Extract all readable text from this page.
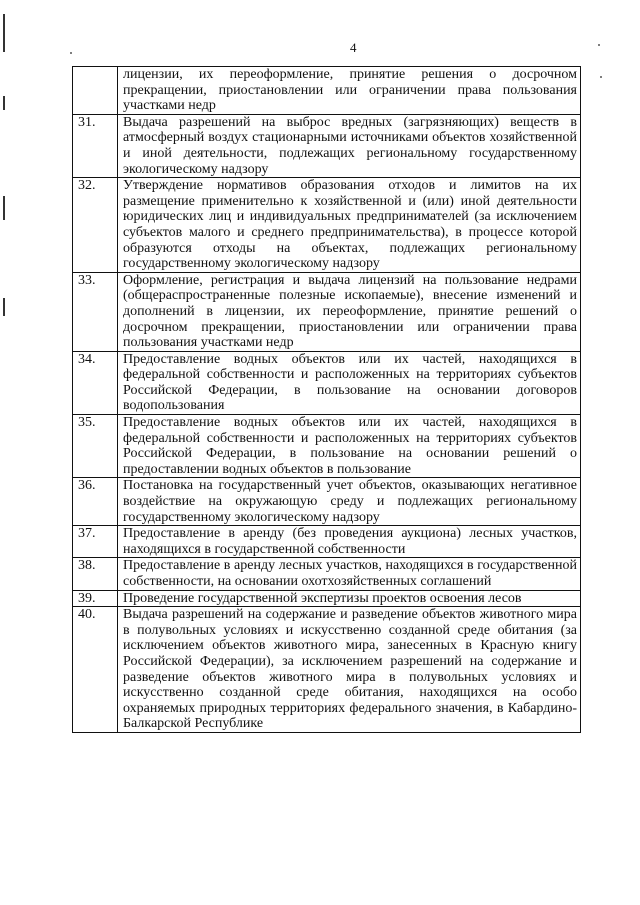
4
	лицензии, их переоформление, принятие решения о досрочном прекращении, приостановлении или ограничении права пользования участками недр
31.	Выдача разрешений на выброс вредных (загрязняющих) веществ в атмосферный воздух стационарными источниками объектов хозяйственной и иной деятельности, подлежащих региональному государственному экологическому надзору
32.	Утверждение нормативов образования отходов и лимитов на их размещение применительно к хозяйственной и (или) иной деятельности юридических лиц и индивидуальных предпринимателей (за исключением субъектов малого и среднего предпринимательства), в процессе которой образуются отходы на объектах, подлежащих региональному государственному экологическому надзору
33.	Оформление, регистрация и выдача лицензий на пользование недрами (общераспространенные полезные ископаемые), внесение изменений и дополнений в лицензии, их переоформление, принятие решений о досрочном прекращении, приостановлении или ограничении права пользования участками недр
34.	Предоставление водных объектов или их частей, находящихся в федеральной собственности и расположенных на территориях субъектов Российской Федерации, в пользование на основании договоров водопользования
35.	Предоставление водных объектов или их частей, находящихся в федеральной собственности и расположенных на территориях субъектов Российской Федерации, в пользование на основании решений о предоставлении водных объектов в пользование
36.	Постановка на государственный учет объектов, оказывающих негативное воздействие на окружающую среду и подлежащих региональному государственному экологическому надзору
37.	Предоставление в аренду (без проведения аукциона) лесных участков, находящихся в государственной собственности
38.	Предоставление в аренду лесных участков, находящихся в государственной собственности, на основании охотхозяйственных соглашений
39.	Проведение государственной экспертизы проектов освоения лесов
40.	Выдача разрешений на содержание и разведение объектов животного мира в полувольных условиях и искусственно созданной среде обитания (за исключением объектов животного мира, занесенных в Красную книгу Российской Федерации), за исключением разрешений на содержание и разведение объектов животного мира в полувольных условиях и искусственно созданной среде обитания, находящихся на особо охраняемых природных территориях федерального значения, в Кабардино-Балкарской Республике
